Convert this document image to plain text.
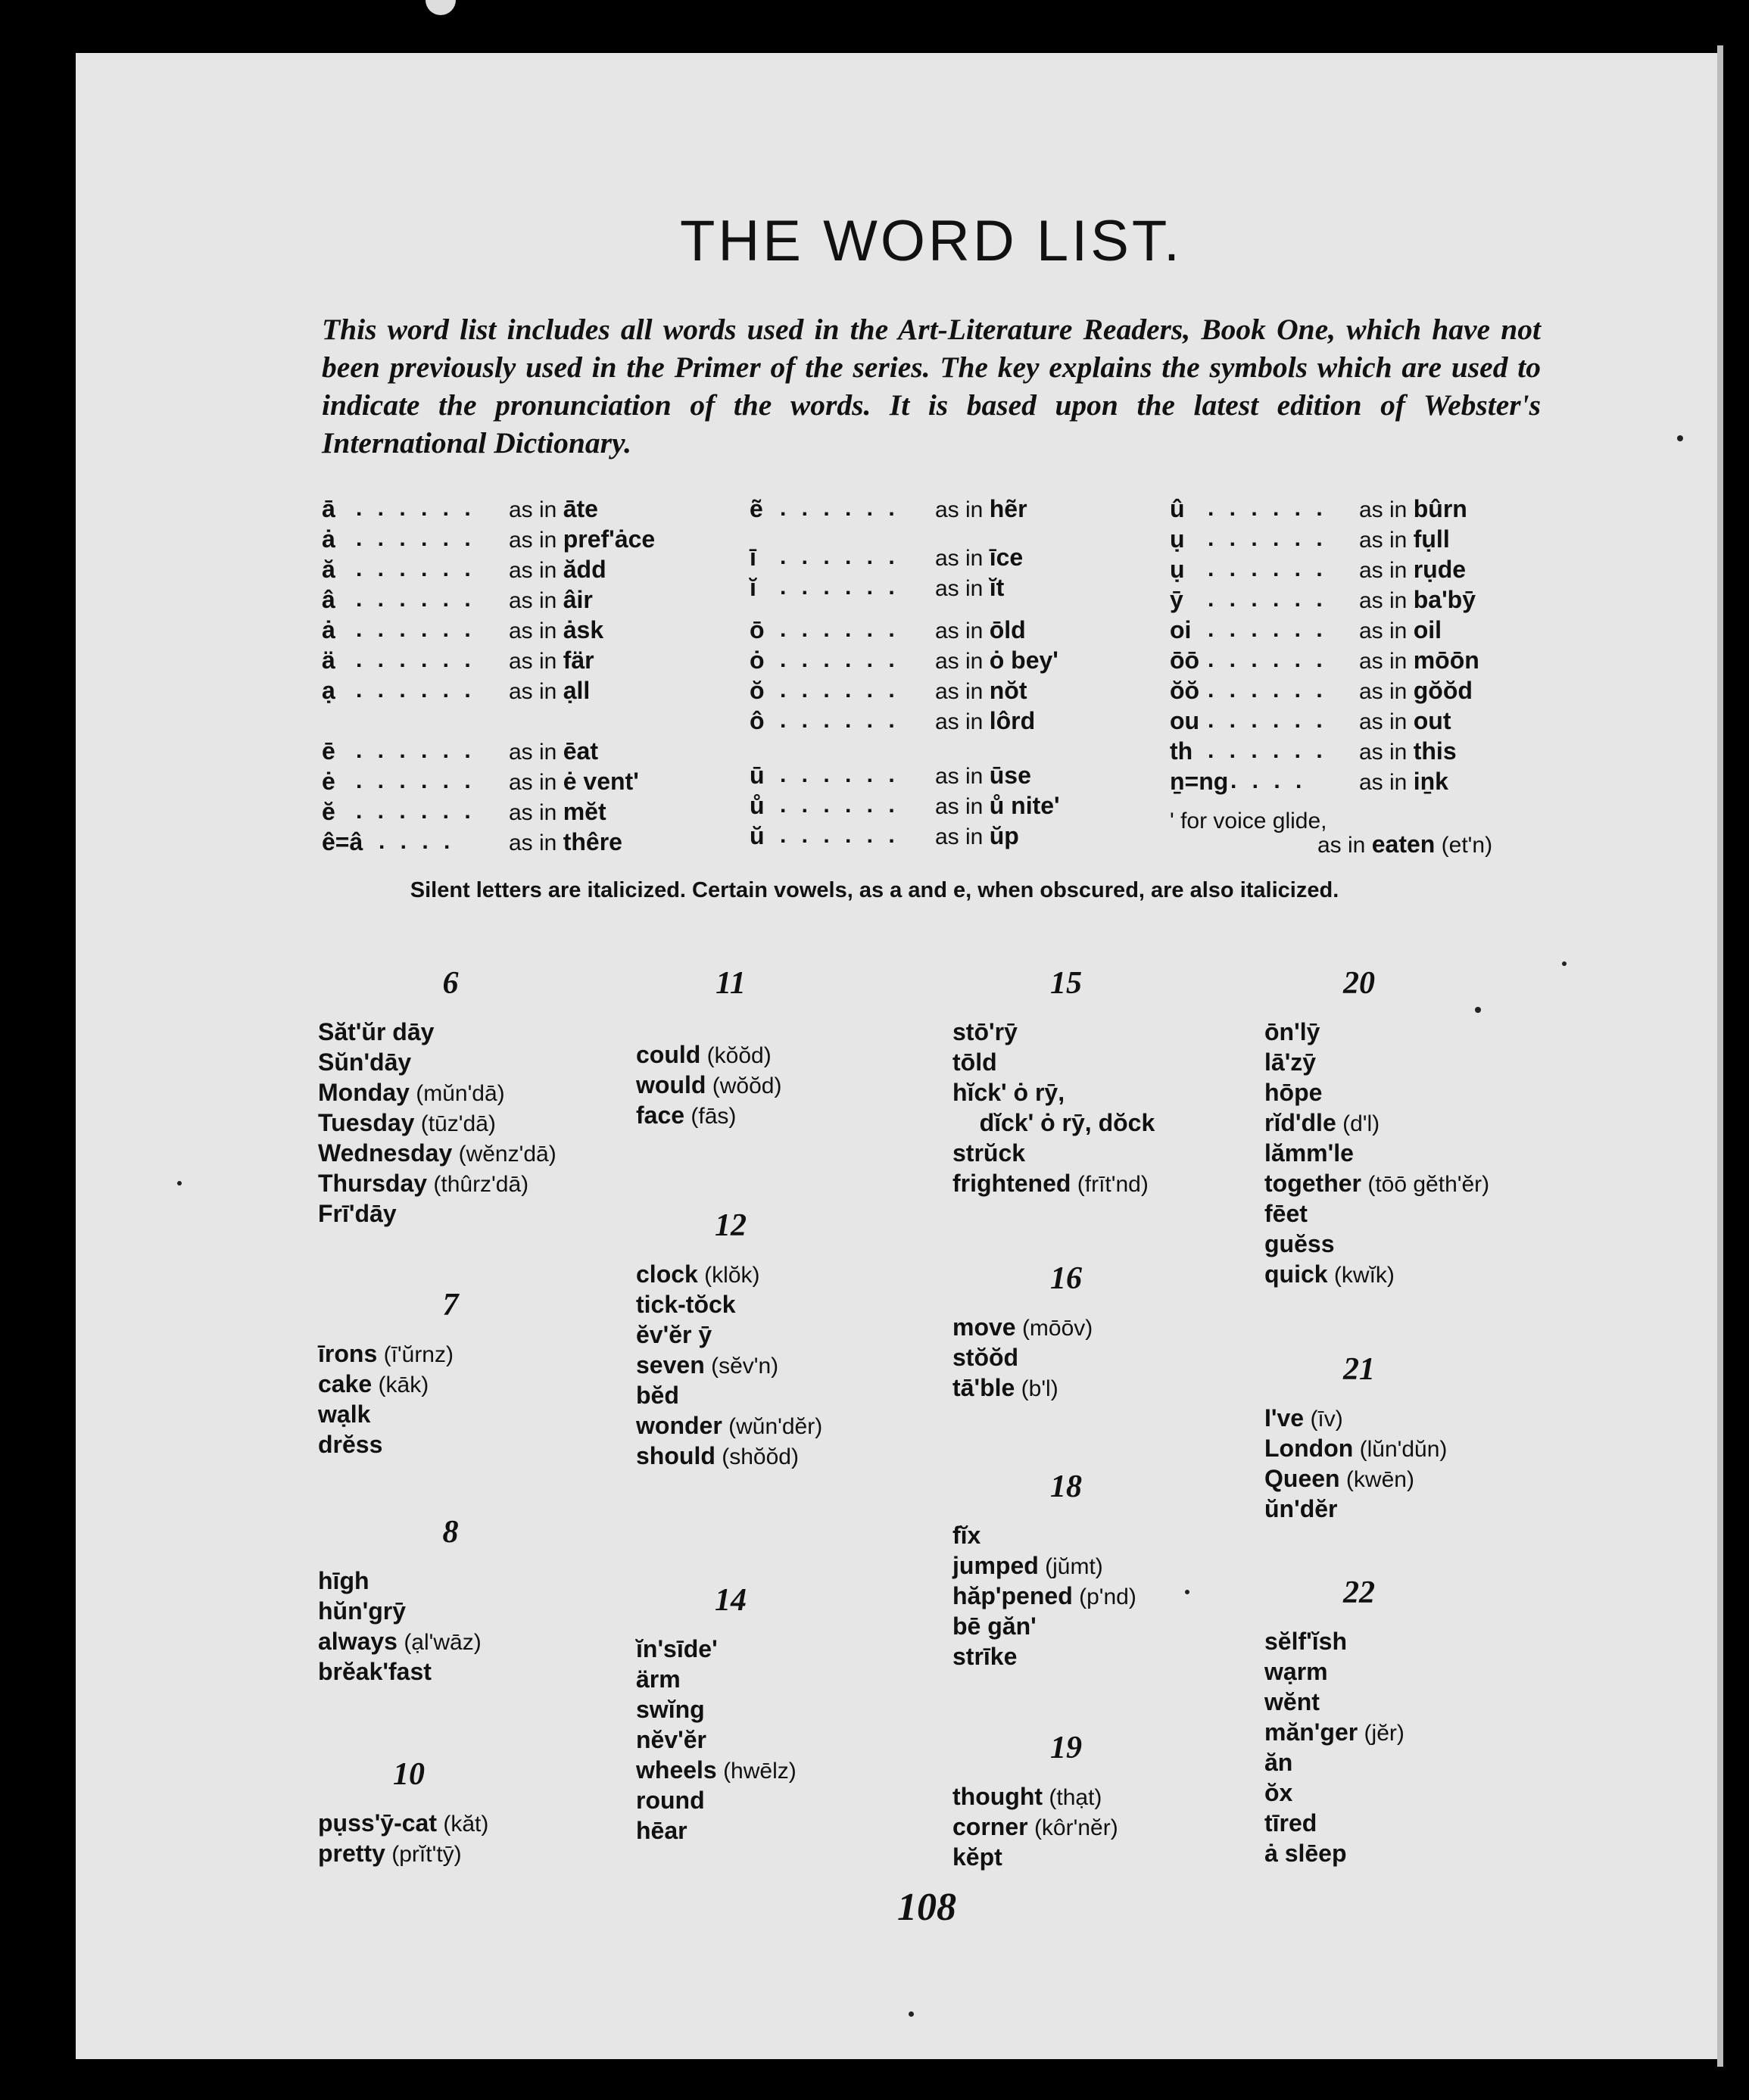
THE WORD LIST.
This word list includes all words used in the Art-Literature Readers, Book One, which have not been previously used in the Primer of the series. The key explains the symbols which are used to indicate the pronunciation of the words. It is based upon the latest edition of Webster's International Dictionary.
ā . . . . . . as in āte
ȧ . . . . . . as in pref'ȧce
ă . . . . . . as in ădd
â . . . . . . as in âir
ȧ . . . . . . as in ȧsk
ä . . . . . . as in fär
ạ . . . . . . as in ạll
ē . . . . . . as in ēat
ė . . . . . . as in ė vent'
ĕ . . . . . . as in mĕt
ê=â . . . . as in thêre
ẽ . . . . . . as in hẽr
ī . . . . . . as in īce
ĭ . . . . . . as in ĭt
ō . . . . . . as in ōld
ȯ . . . . . . as in ȯ bey'
ŏ . . . . . . as in nŏt
ô . . . . . . as in lôrd
ū . . . . . . as in ūse
ů . . . . . . as in ů nite'
ŭ . . . . . . as in ŭp
û . . . . . . as in bûrn
ụ . . . . . . as in fụll
ụ . . . . . . as in rụde
ȳ . . . . . . as in ba'bȳ
oi . . . . . . as in oil
ōō . . . . . . as in mōōn
ŏŏ . . . . . . as in gŏŏd
ou . . . . . . as in out
th . . . . . . as in this
ṉ=ng . . . . as in iṉk
' for voice glide,
as in eaten (et'n)
Silent letters are italicized. Certain vowels, as a and e, when obscured, are also italicized.
6
Săt'ŭr dāy
Sŭn'dāy
Monday (mŭn'dā)
Tuesday (tūz'dā)
Wednesday (wĕnz'dā)
Thursday (thûrz'dā)
Frī'dāy
7
īrons (ī'ŭrnz)
cake (kāk)
wạlk
drĕss
8
hīgh
hŭn'grȳ
always (ạl'wāz)
brĕak'fast
10
pụss'ȳ-cat (kăt)
pretty (prĭt'tȳ)
11
could (kŏŏd)
would (wŏŏd)
face (fās)
12
clock (klŏk)
tick-tŏck
ĕv'ĕr ȳ
seven (sĕv'n)
bĕd
wonder (wŭn'dĕr)
should (shŏŏd)
14
ĭn'sīde'
ärm
swĭng
nĕv'ĕr
wheels (hwēlz)
round
hēar
15
stō'rȳ
tōld
hĭck' ȯ rȳ,
dĭck' ȯ rȳ, dŏck
strŭck
frightened (frīt'nd)
16
move (mōōv)
stŏŏd
tā'ble (b'l)
18
fĭx
jumped (jŭmt)
hăp'pened (p'nd)
bē găn'
strīke
19
thought (thạt)
corner (kôr'nĕr)
kĕpt
20
ōn'lȳ
lā'zȳ
hōpe
rĭd'dle (d'l)
lămm'le
together (tōō gĕth'ĕr)
fēet
guĕss
quick (kwĭk)
21
I've (īv)
London (lŭn'dŭn)
Queen (kwēn)
ŭn'dĕr
22
sĕlf'ĭsh
wạrm
wĕnt
măn'ger (jĕr)
ăn
ŏx
tīred
ȧ slēep
108
